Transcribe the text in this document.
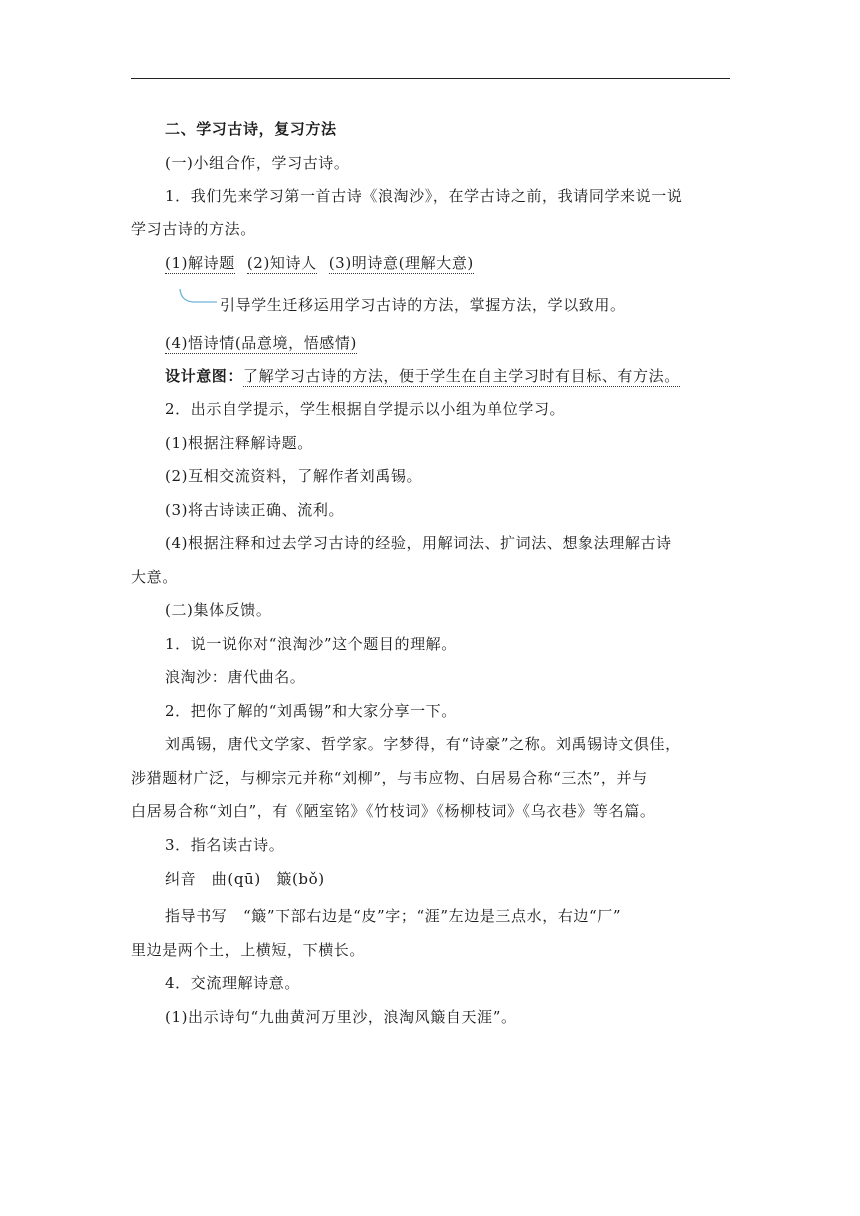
二、学习古诗，复习方法
(一)小组合作，学习古诗。
1．我们先来学习第一首古诗《浪淘沙》，在学古诗之前，我请同学来说一说
学习古诗的方法。
(1)解诗题 (2)知诗人 (3)明诗意(理解大意)
引导学生迁移运用学习古诗的方法，掌握方法，学以致用。
(4)悟诗情(品意境，悟感情)
设计意图：了解学习古诗的方法，便于学生在自主学习时有目标、有方法。
2．出示自学提示，学生根据自学提示以小组为单位学习。
(1)根据注释解诗题。
(2)互相交流资料，了解作者刘禹锡。
(3)将古诗读正确、流利。
(4)根据注释和过去学习古诗的经验，用解词法、扩词法、想象法理解古诗
大意。
(二)集体反馈。
1．说一说你对“浪淘沙”这个题目的理解。
浪淘沙：唐代曲名。
2．把你了解的“刘禹锡”和大家分享一下。
刘禹锡，唐代文学家、哲学家。字梦得，有“诗豪”之称。刘禹锡诗文俱佳，
涉猎题材广泛，与柳宗元并称“刘柳”，与韦应物、白居易合称“三杰”，并与
白居易合称“刘白”，有《陋室铭》《竹枝词》《杨柳枝词》《乌衣巷》等名篇。
3．指名读古诗。
纠音　曲(qū)　簸(bǒ)
指导书写　“簸”下部右边是“皮”字；“涯”左边是三点水，右边“厂”
里边是两个土，上横短，下横长。
4．交流理解诗意。
(1)出示诗句“九曲黄河万里沙，浪淘风簸自天涯”。
